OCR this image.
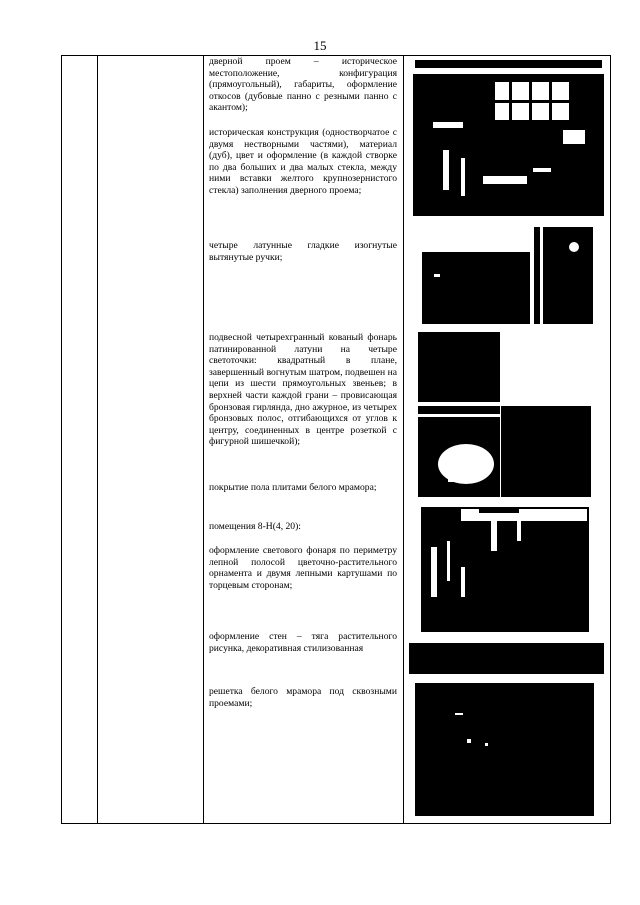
15
дверной проем – историческое местоположение, конфигурация (прямоугольный), габариты, оформление откосов (дубовые панно с резными панно с акантом);
историческая конструкция (одностворчатое с двумя нестворными частями), материал (дуб), цвет и оформление (в каждой створке по два больших и два малых стекла, между ними вставки желтого крупнозернистого стекла) заполнения дверного проема;
четыре латунные гладкие изогнутые вытянутые ручки;
подвесной четырехгранный кованый фонарь патинированной латуни на четыре светоточки: квадратный в плане, завершенный вогнутым шатром, подвешен на цепи из шести прямоугольных звеньев; в верхней части каждой грани – провисающая бронзовая гирлянда, дно ажурное, из четырех бронзовых полос, отгибающихся от углов к центру, соединенных в центре розеткой с фигурной шишечкой);
покрытие пола плитами белого мрамора;
помещения 8-Н(4, 20):
оформление светового фонаря по периметру лепной полосой цветочно-растительного орнамента и двумя лепными картушами по торцевым сторонам;
оформление стен – тяга растительного рисунка, декоративная стилизованная
решетка белого мрамора под сквозными проемами;
